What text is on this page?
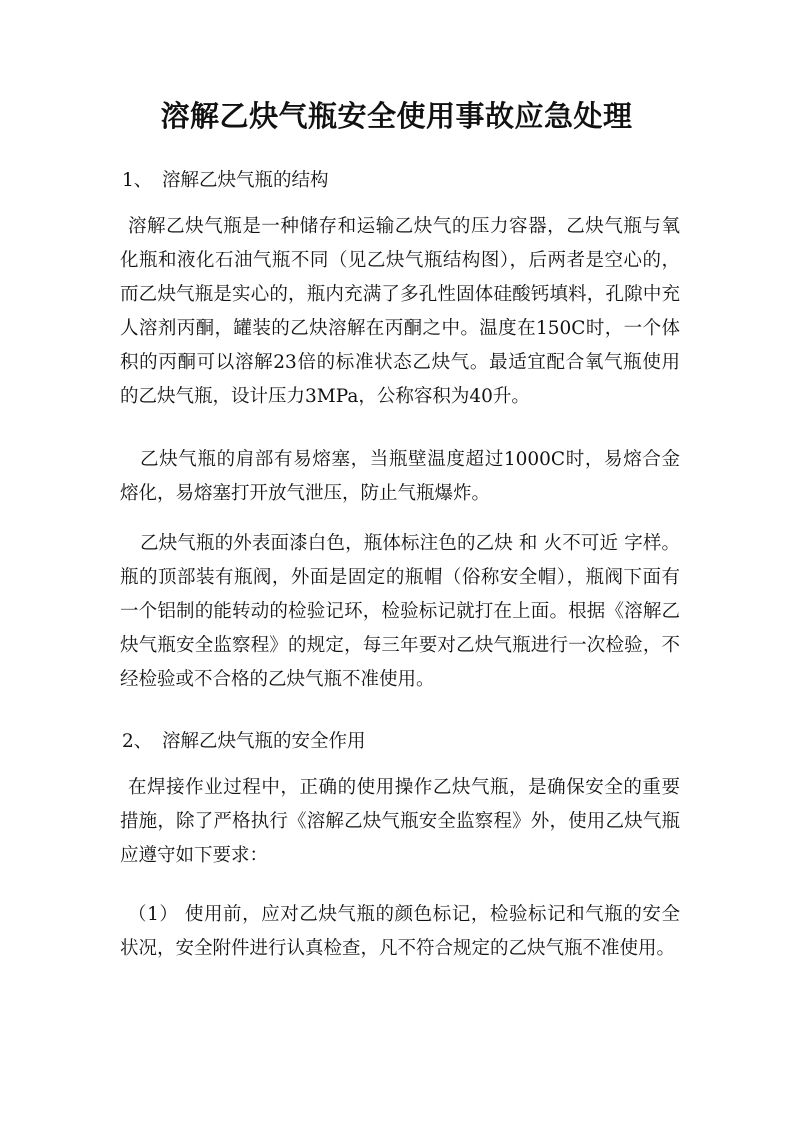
溶解乙炔气瓶安全使用事故应急处理
1、 溶解乙炔气瓶的结构

溶解乙炔气瓶是一种储存和运输乙炔气的压力容器，乙炔气瓶与氧化瓶和液化石油气瓶不同（见乙炔气瓶结构图），后两者是空心的，而乙炔气瓶是实心的，瓶内充满了多孔性固体硅酸钙填料，孔隙中充人溶剂丙酮，罐装的乙炔溶解在丙酮之中。温度在150C时，一个体积的丙酮可以溶解23倍的标准状态乙炔气。最适宜配合氧气瓶使用的乙炔气瓶，设计压力3MPa，公称容积为40升。

乙炔气瓶的肩部有易熔塞，当瓶壁温度超过1000C时，易熔合金熔化，易熔塞打开放气泄压，防止气瓶爆炸。

乙炔气瓶的外表面漆白色，瓶体标注色的乙炔 和 火不可近 字样。瓶的顶部装有瓶阀，外面是固定的瓶帽（俗称安全帽），瓶阀下面有一个铝制的能转动的检验记环，检验标记就打在上面。根据《溶解乙炔气瓶安全监察程》的规定，每三年要对乙炔气瓶进行一次检验，不经检验或不合格的乙炔气瓶不准使用。

2、 溶解乙炔气瓶的安全作用

在焊接作业过程中，正确的使用操作乙炔气瓶，是确保安全的重要措施，除了严格执行《溶解乙炔气瓶安全监察程》外，使用乙炔气瓶应遵守如下要求：

（1） 使用前，应对乙炔气瓶的颜色标记，检验标记和气瓶的安全状况，安全附件进行认真检查，凡不符合规定的乙炔气瓶不准使用。
